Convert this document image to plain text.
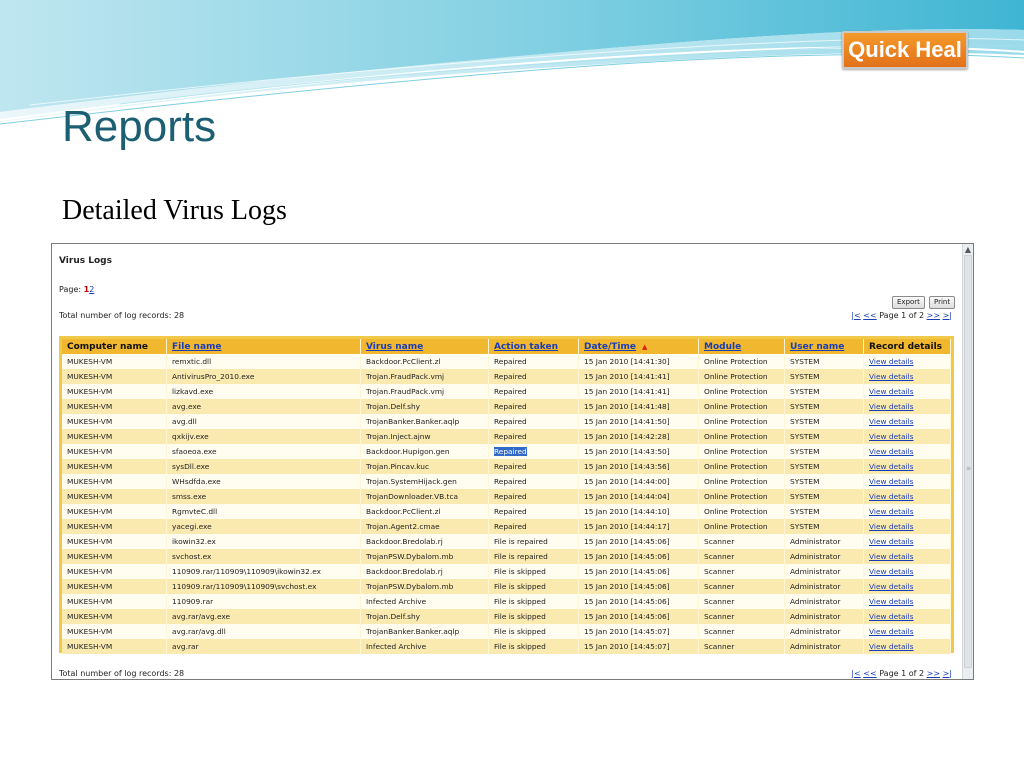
Quick Heal
Reports
Detailed Virus Logs
Virus Logs
Page: 12
Export	Print
Total number of log records: 28	|< << Page 1 of 2 >> >|
Computer name	File name	Virus name	Action taken	Date/Time ▲	Module	User name	Record details
MUKESH-VM	remxtic.dll	Backdoor.PcClient.zl	Repaired	15 Jan 2010 [14:41:30]	Online Protection	SYSTEM	View details
MUKESH-VM	AntivirusPro_2010.exe	Trojan.FraudPack.vmj	Repaired	15 Jan 2010 [14:41:41]	Online Protection	SYSTEM	View details
MUKESH-VM	lizkavd.exe	Trojan.FraudPack.vmj	Repaired	15 Jan 2010 [14:41:41]	Online Protection	SYSTEM	View details
MUKESH-VM	avg.exe	Trojan.Delf.shy	Repaired	15 Jan 2010 [14:41:48]	Online Protection	SYSTEM	View details
MUKESH-VM	avg.dll	TrojanBanker.Banker.aqlp	Repaired	15 Jan 2010 [14:41:50]	Online Protection	SYSTEM	View details
MUKESH-VM	qxkijv.exe	Trojan.Inject.ajnw	Repaired	15 Jan 2010 [14:42:28]	Online Protection	SYSTEM	View details
MUKESH-VM	sfaoeoa.exe	Backdoor.Hupigon.gen	Repaired	15 Jan 2010 [14:43:50]	Online Protection	SYSTEM	View details
MUKESH-VM	sysDll.exe	Trojan.Pincav.kuc	Repaired	15 Jan 2010 [14:43:56]	Online Protection	SYSTEM	View details
MUKESH-VM	WHsdfda.exe	Trojan.SystemHijack.gen	Repaired	15 Jan 2010 [14:44:00]	Online Protection	SYSTEM	View details
MUKESH-VM	smss.exe	TrojanDownloader.VB.tca	Repaired	15 Jan 2010 [14:44:04]	Online Protection	SYSTEM	View details
MUKESH-VM	RgmvteC.dll	Backdoor.PcClient.zl	Repaired	15 Jan 2010 [14:44:10]	Online Protection	SYSTEM	View details
MUKESH-VM	yacegi.exe	Trojan.Agent2.cmae	Repaired	15 Jan 2010 [14:44:17]	Online Protection	SYSTEM	View details
MUKESH-VM	ikowin32.ex	Backdoor.Bredolab.rj	File is repaired	15 Jan 2010 [14:45:06]	Scanner	Administrator	View details
MUKESH-VM	svchost.ex	TrojanPSW.Dybalom.mb	File is repaired	15 Jan 2010 [14:45:06]	Scanner	Administrator	View details
MUKESH-VM	110909.rar/110909\110909\ikowin32.ex	Backdoor.Bredolab.rj	File is skipped	15 Jan 2010 [14:45:06]	Scanner	Administrator	View details
MUKESH-VM	110909.rar/110909\110909\svchost.ex	TrojanPSW.Dybalom.mb	File is skipped	15 Jan 2010 [14:45:06]	Scanner	Administrator	View details
MUKESH-VM	110909.rar	Infected Archive	File is skipped	15 Jan 2010 [14:45:06]	Scanner	Administrator	View details
MUKESH-VM	avg.rar/avg.exe	Trojan.Delf.shy	File is skipped	15 Jan 2010 [14:45:06]	Scanner	Administrator	View details
MUKESH-VM	avg.rar/avg.dll	TrojanBanker.Banker.aqlp	File is skipped	15 Jan 2010 [14:45:07]	Scanner	Administrator	View details
MUKESH-VM	avg.rar	Infected Archive	File is skipped	15 Jan 2010 [14:45:07]	Scanner	Administrator	View details
Total number of log records: 28	|< << Page 1 of 2 >> >|
▲
≡
